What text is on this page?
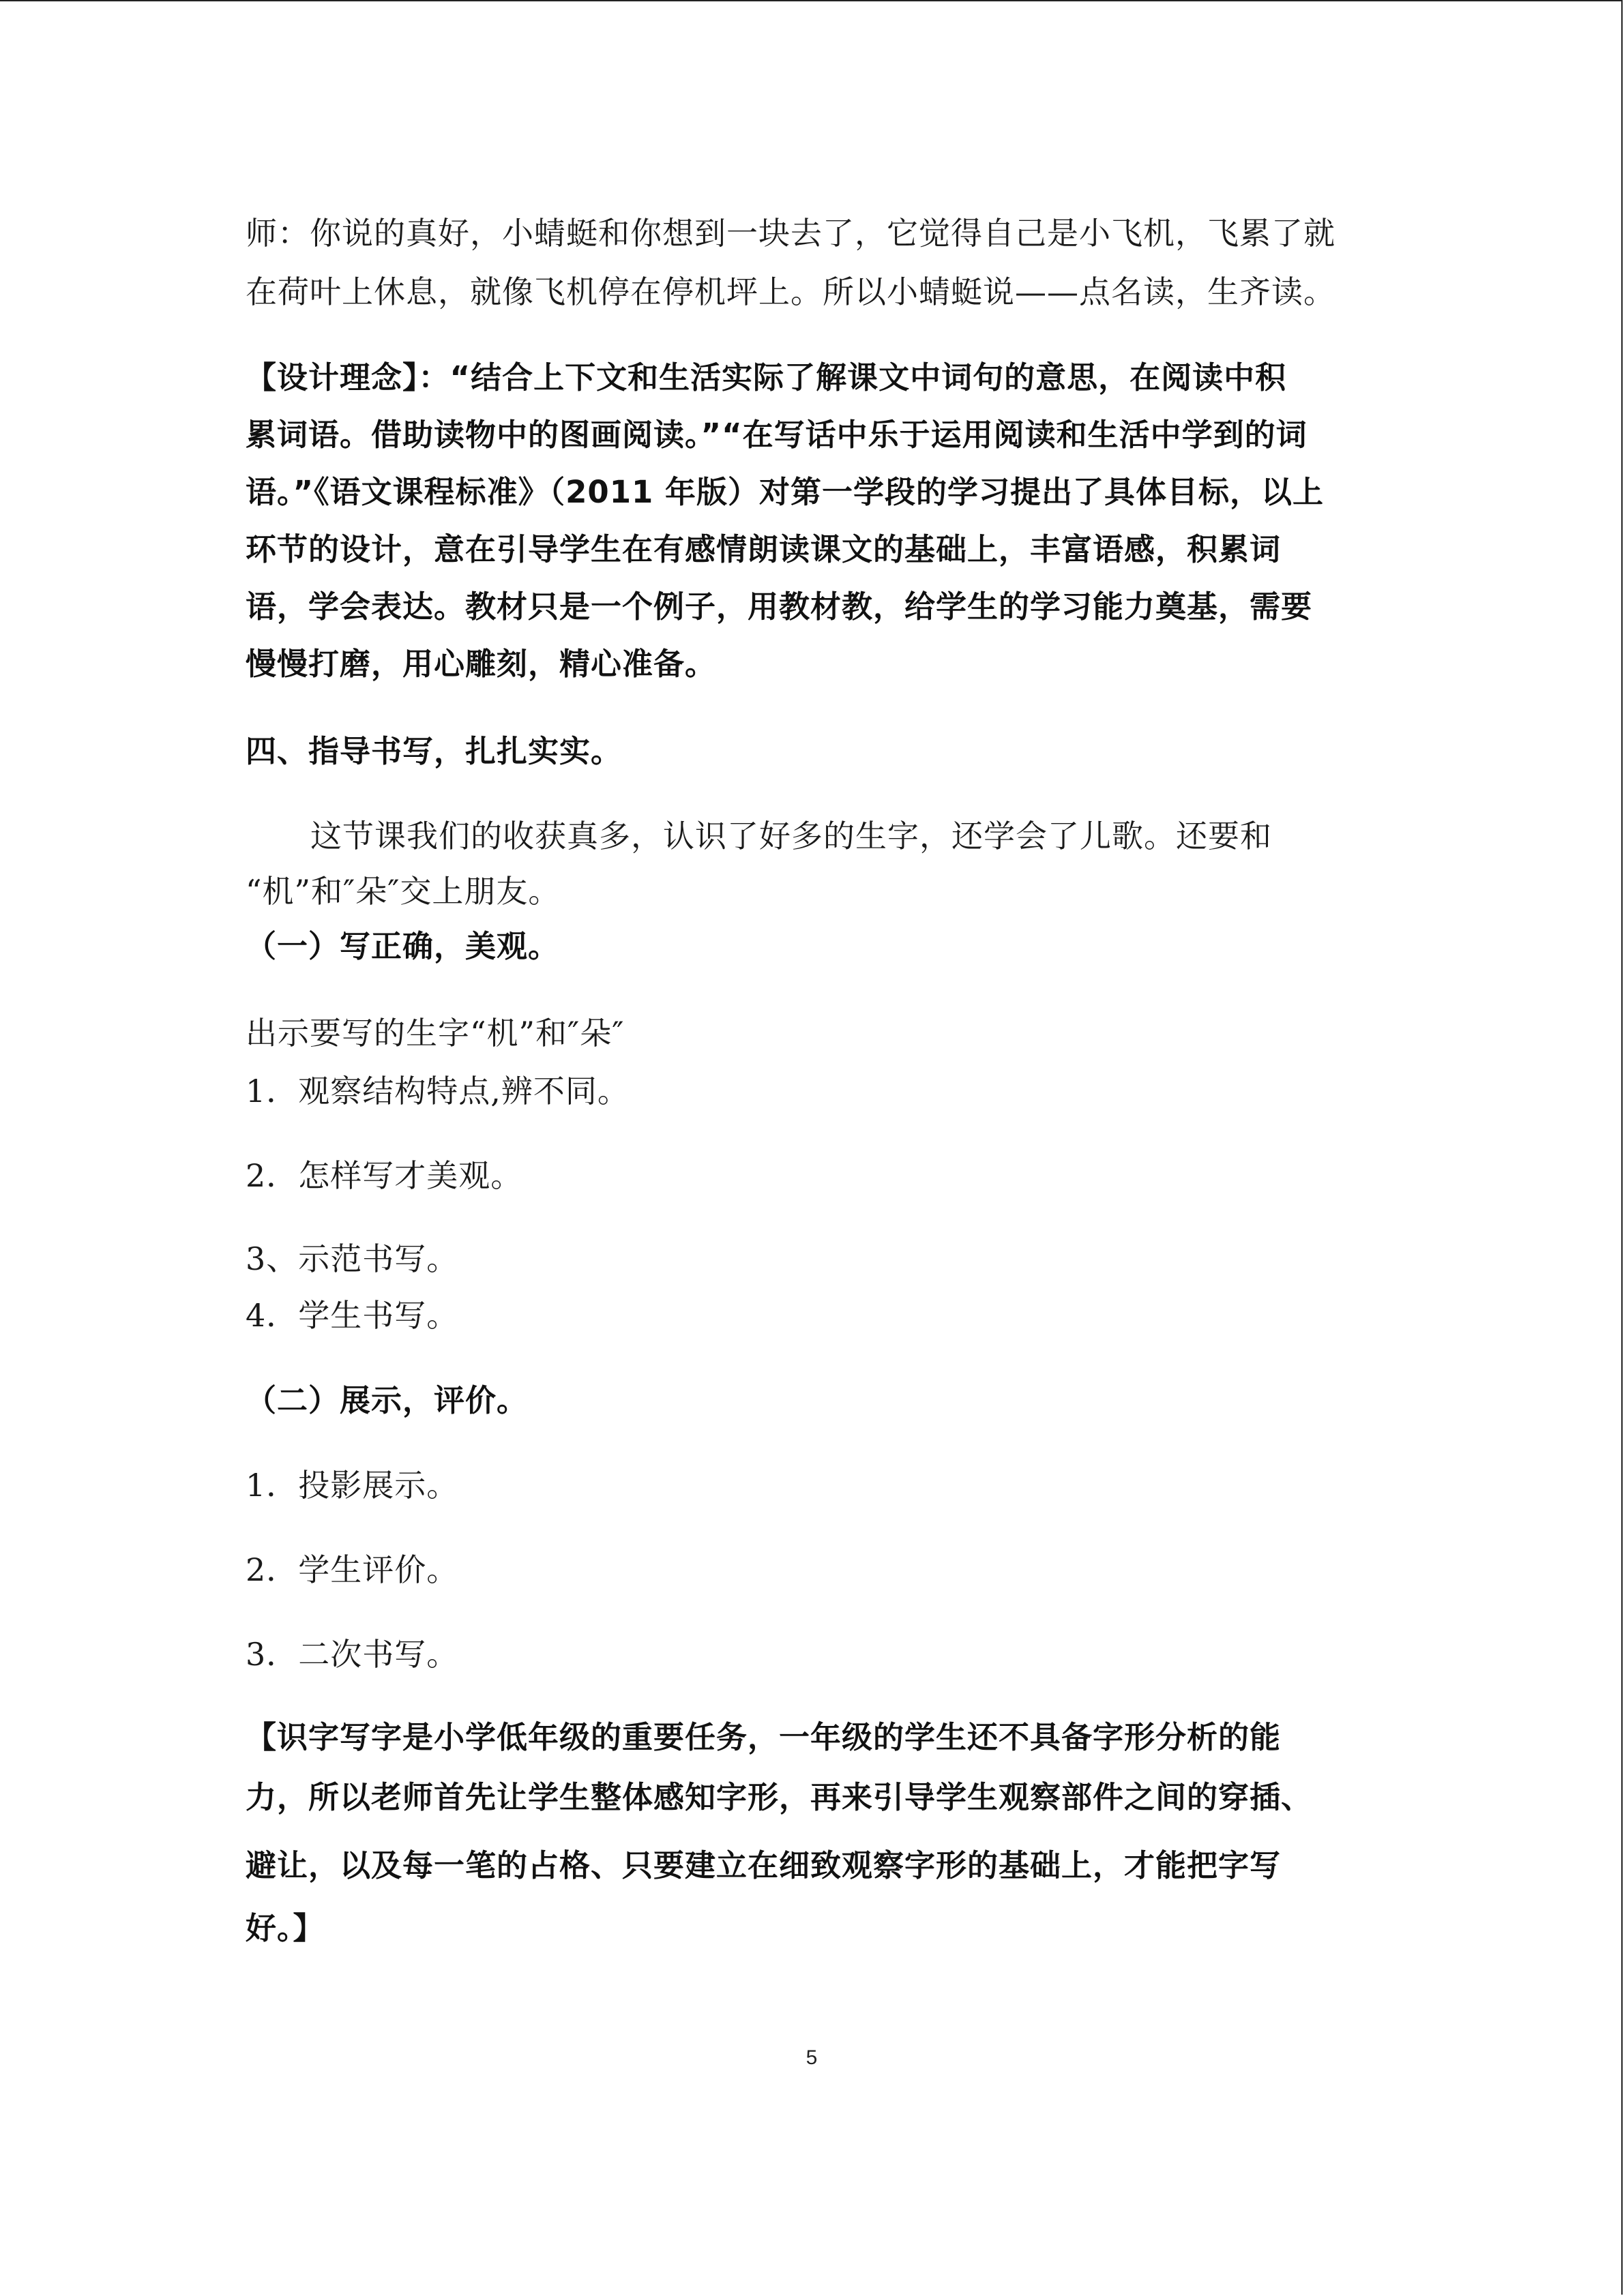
师：你说的真好，小蜻蜓和你想到一块去了，它觉得自己是小飞机，飞累了就
在荷叶上休息，就像飞机停在停机坪上。所以小蜻蜓说——点名读，生齐读。
【设计理念】：“结合上下文和生活实际了解课文中词句的意思，在阅读中积
累词语。借助读物中的图画阅读。”“在写话中乐于运用阅读和生活中学到的词
语。”《语文课程标准》（2011 年版）对第一学段的学习提出了具体目标，以上
环节的设计，意在引导学生在有感情朗读课文的基础上，丰富语感，积累词
语，学会表达。教材只是一个例子，用教材教，给学生的学习能力奠基，需要
慢慢打磨，用心雕刻，精心准备。
四、指导书写，扎扎实实。
这节课我们的收获真多，认识了好多的生字，还学会了儿歌。还要和
“机”和″朵″交上朋友。
（一）写正确，美观。
出示要写的生字“机”和″朵″
1．观察结构特点,辨不同。
2．怎样写才美观。
3、示范书写。
4．学生书写。
（二）展示，评价。
1．投影展示。
2．学生评价。
3．二次书写。
【识字写字是小学低年级的重要任务，一年级的学生还不具备字形分析的能
力，所以老师首先让学生整体感知字形，再来引导学生观察部件之间的穿插、
避让，以及每一笔的占格、只要建立在细致观察字形的基础上，才能把字写
好。】
5
